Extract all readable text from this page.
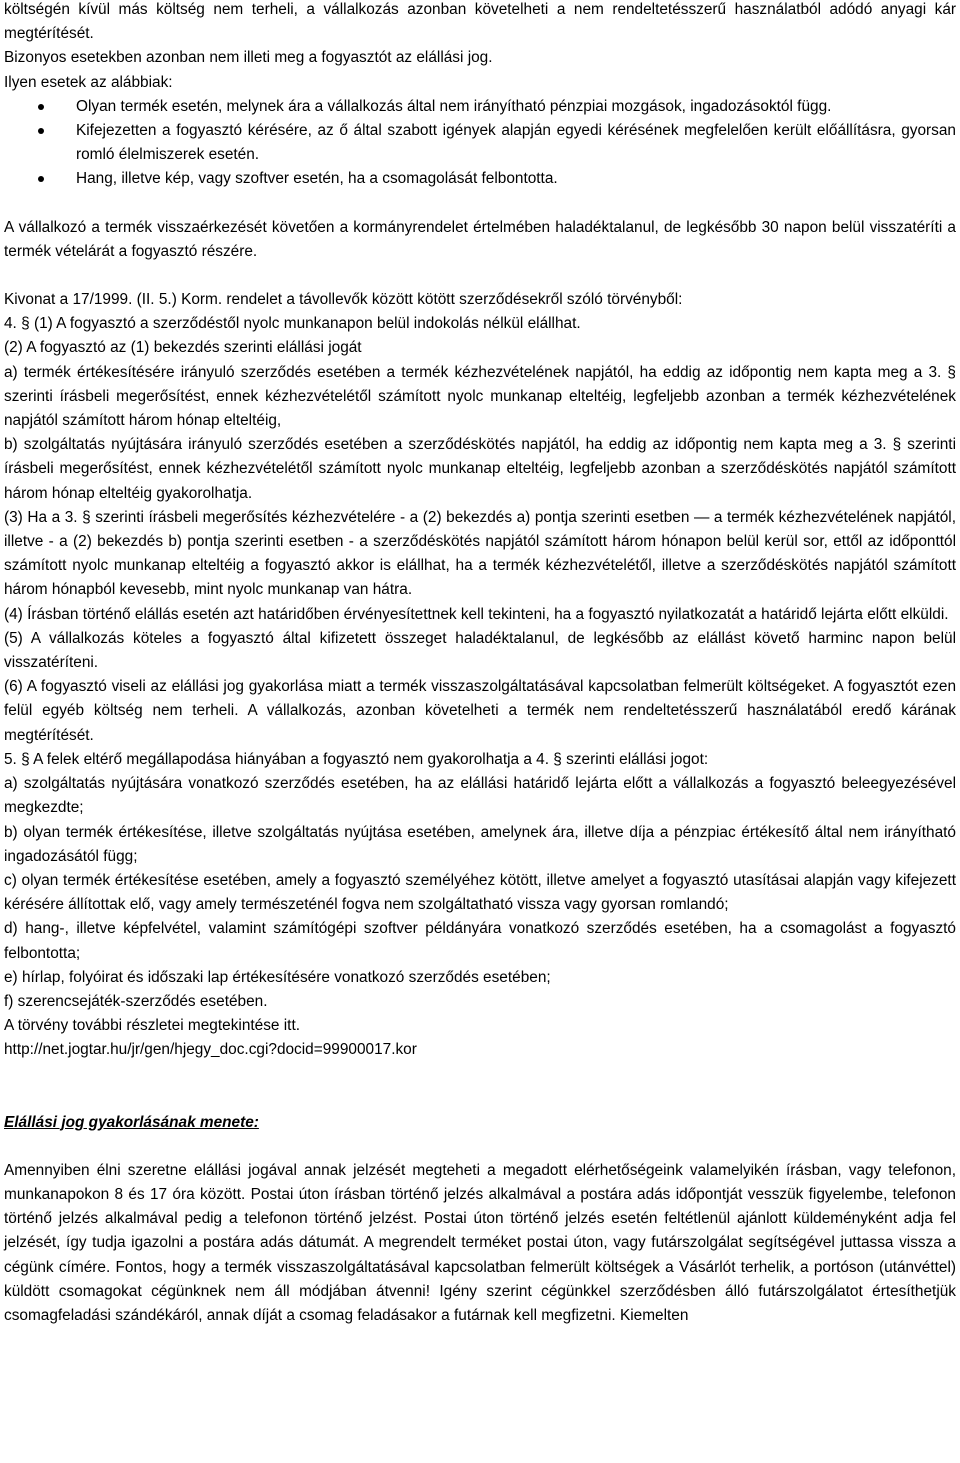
költségén kívül más költség nem terheli, a vállalkozás azonban követelheti a nem rendeltetésszerű használatból adódó anyagi kár megtérítését.

Bizonyos esetekben azonban nem illeti meg a fogyasztót az elállási jog.

Ilyen esetek az alábbiak:

Olyan termék esetén, melynek ára a vállalkozás által nem irányítható pénzpiai mozgások, ingadozásoktól függ.
Kifejezetten a fogyasztó kérésére, az ő által szabott igények alapján egyedi kérésének megfelelően került előállításra, gyorsan romló élelmiszerek esetén.
Hang, illetve kép, vagy szoftver esetén, ha a csomagolását felbontotta.

A vállalkozó a termék visszaérkezését követően a kormányrendelet értelmében haladéktalanul, de legkésőbb 30 napon belül visszatéríti a termék vételárát a fogyasztó részére.

Kivonat a 17/1999. (II. 5.) Korm. rendelet a távollevők között kötött szerződésekről szóló törvényből:

4. § (1) A fogyasztó a szerződéstől nyolc munkanapon belül indokolás nélkül elállhat.

(2) A fogyasztó az (1) bekezdés szerinti elállási jogát

a) termék értékesítésére irányuló szerződés esetében a termék kézhezvételének napjától, ha eddig az időpontig nem kapta meg a 3. § szerinti írásbeli megerősítést, ennek kézhezvételétől számított nyolc munkanap elteltéig, legfeljebb azonban a termék kézhezvételének napjától számított három hónap elteltéig,

b) szolgáltatás nyújtására irányuló szerződés esetében a szerződéskötés napjától, ha eddig az időpontig nem kapta meg a 3. § szerinti írásbeli megerősítést, ennek kézhezvételétől számított nyolc munkanap elteltéig, legfeljebb azonban a szerződéskötés napjától számított három hónap elteltéig gyakorolhatja.

(3) Ha a 3. § szerinti írásbeli megerősítés kézhezvételére - a (2) bekezdés a) pontja szerinti esetben — a termék kézhezvételének napjától, illetve - a (2) bekezdés b) pontja szerinti esetben - a szerződéskötés napjától számított három hónapon belül kerül sor, ettől az időponttól számított nyolc munkanap elteltéig a fogyasztó akkor is elállhat, ha a termék kézhezvételétől, illetve a szerződéskötés napjától számított három hónapból kevesebb, mint nyolc munkanap van hátra.

(4) Írásban történő elállás esetén azt határidőben érvényesítettnek kell tekinteni, ha a fogyasztó nyilatkozatát a határidő lejárta előtt elküldi.

(5) A vállalkozás köteles a fogyasztó által kifizetett összeget haladéktalanul, de legkésőbb az elállást követő harminc napon belül visszatéríteni.

(6) A fogyasztó viseli az elállási jog gyakorlása miatt a termék visszaszolgáltatásával kapcsolatban felmerült költségeket. A fogyasztót ezen felül egyéb költség nem terheli. A vállalkozás, azonban követelheti a termék nem rendeltetésszerű használatából eredő kárának megtérítését.

5. § A felek eltérő megállapodása hiányában a fogyasztó nem gyakorolhatja a 4. § szerinti elállási jogot:

a) szolgáltatás nyújtására vonatkozó szerződés esetében, ha az elállási határidő lejárta előtt a vállalkozás a fogyasztó beleegyezésével megkezdte;

b) olyan termék értékesítése, illetve szolgáltatás nyújtása esetében, amelynek ára, illetve díja a pénzpiac értékesítő által nem irányítható ingadozásától függ;

c) olyan termék értékesítése esetében, amely a fogyasztó személyéhez kötött, illetve amelyet a fogyasztó utasításai alapján vagy kifejezett kérésére állítottak elő, vagy amely természeténél fogva nem szolgáltatható vissza vagy gyorsan romlandó;

d) hang-, illetve képfelvétel, valamint számítógépi szoftver példányára vonatkozó szerződés esetében, ha a csomagolást a fogyasztó felbontotta;

e) hírlap, folyóirat és időszaki lap értékesítésére vonatkozó szerződés esetében;

f) szerencsejáték-szerződés esetében.

A törvény további részletei megtekintése itt.

http://net.jogtar.hu/jr/gen/hjegy_doc.cgi?docid=99900017.kor

Elállási jog gyakorlásának menete:

Amennyiben élni szeretne elállási jogával annak jelzését megteheti a megadott elérhetőségeink valamelyikén írásban, vagy telefonon, munkanapokon 8 és 17 óra között. Postai úton írásban történő jelzés alkalmával a postára adás időpontját vesszük figyelembe, telefonon történő jelzés alkalmával pedig a telefonon történő jelzést. Postai úton történő jelzés esetén feltétlenül ajánlott küldeményként adja fel jelzését, így tudja igazolni a postára adás dátumát. A megrendelt terméket postai úton, vagy futárszolgálat segítségével juttassa vissza a cégünk címére. Fontos, hogy a termék visszaszolgáltatásával kapcsolatban felmerült költségek a Vásárlót terhelik, a portóson (utánvéttel) küldött csomagokat cégünknek nem áll módjában átvenni! Igény szerint cégünkkel szerződésben álló futárszolgálatot értesíthetjük csomagfeladási szándékáról, annak díját a csomag feladásakor a futárnak kell megfizetni. Kiemelten
